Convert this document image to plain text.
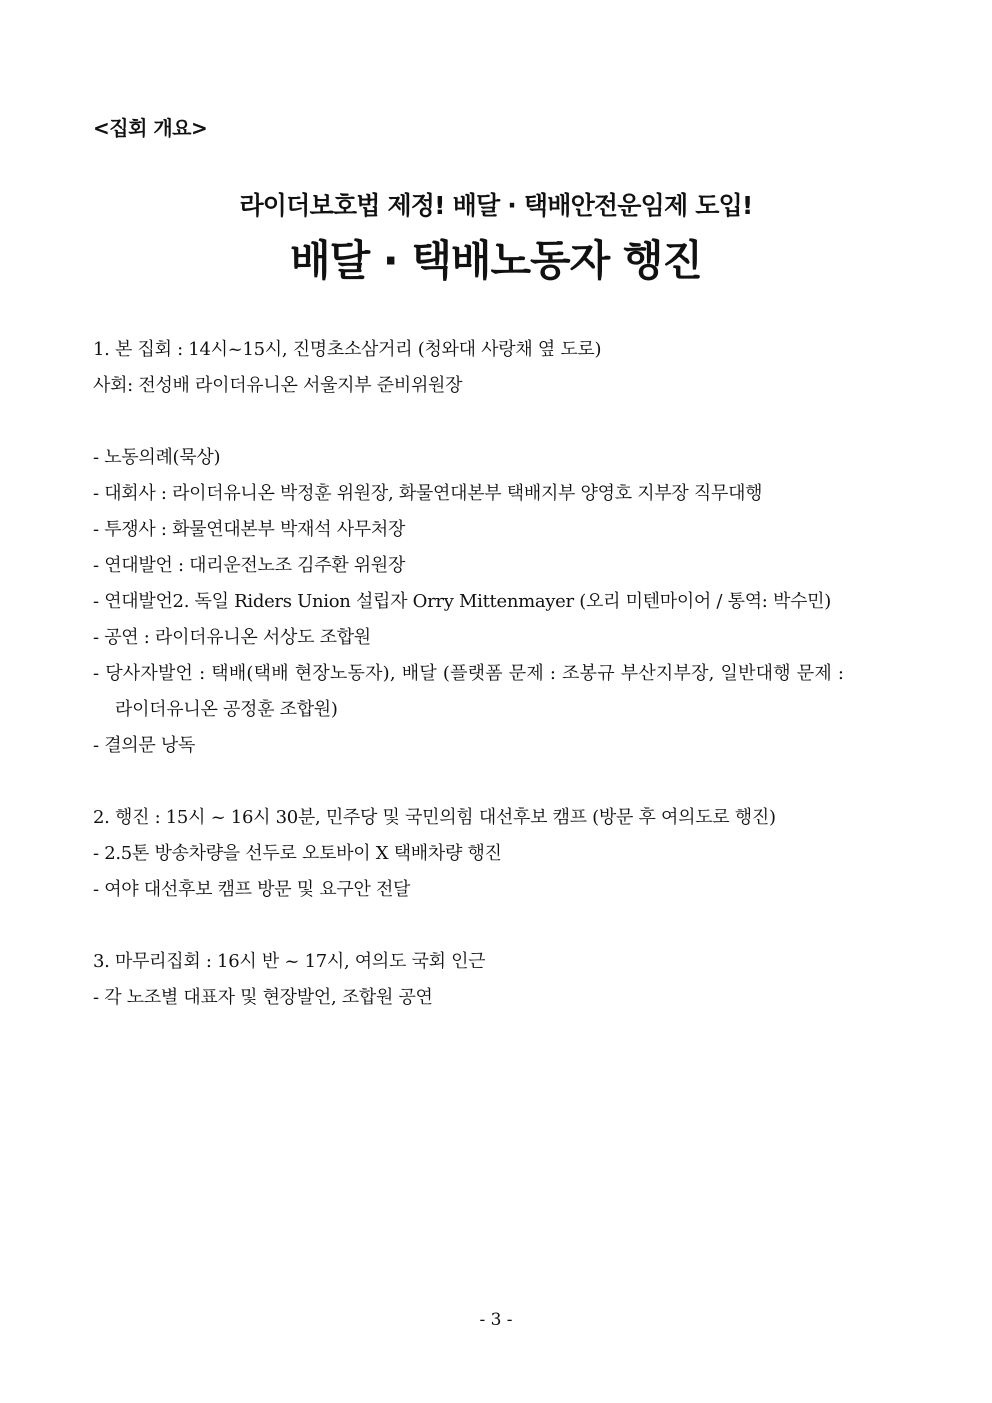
<집회 개요>
라이더보호법 제정! 배달 · 택배안전운임제 도입!
배달 · 택배노동자 행진
1. 본 집회 : 14시~15시, 진명초소삼거리 (청와대 사랑채 옆 도로)
사회: 전성배 라이더유니온 서울지부 준비위원장
- 노동의례(묵상)
- 대회사 : 라이더유니온 박정훈 위원장, 화물연대본부 택배지부 양영호 지부장 직무대행
- 투쟁사 : 화물연대본부 박재석 사무처장
- 연대발언 : 대리운전노조 김주환 위원장
- 연대발언2. 독일 Riders Union 설립자 Orry Mittenmayer (오리 미텐마이어 / 통역: 박수민)
- 공연 : 라이더유니온 서상도 조합원
- 당사자발언 : 택배(택배 현장노동자), 배달 (플랫폼 문제 : 조봉규 부산지부장, 일반대행 문제 :
라이더유니온 공정훈 조합원)
- 결의문 낭독
2. 행진 : 15시 ~ 16시 30분, 민주당 및 국민의힘 대선후보 캠프 (방문 후 여의도로 행진)
- 2.5톤 방송차량을 선두로 오토바이 X 택배차량 행진
- 여야 대선후보 캠프 방문 및 요구안 전달
3. 마무리집회 : 16시 반 ~ 17시, 여의도 국회 인근
- 각 노조별 대표자 및 현장발언, 조합원 공연
- 3 -
